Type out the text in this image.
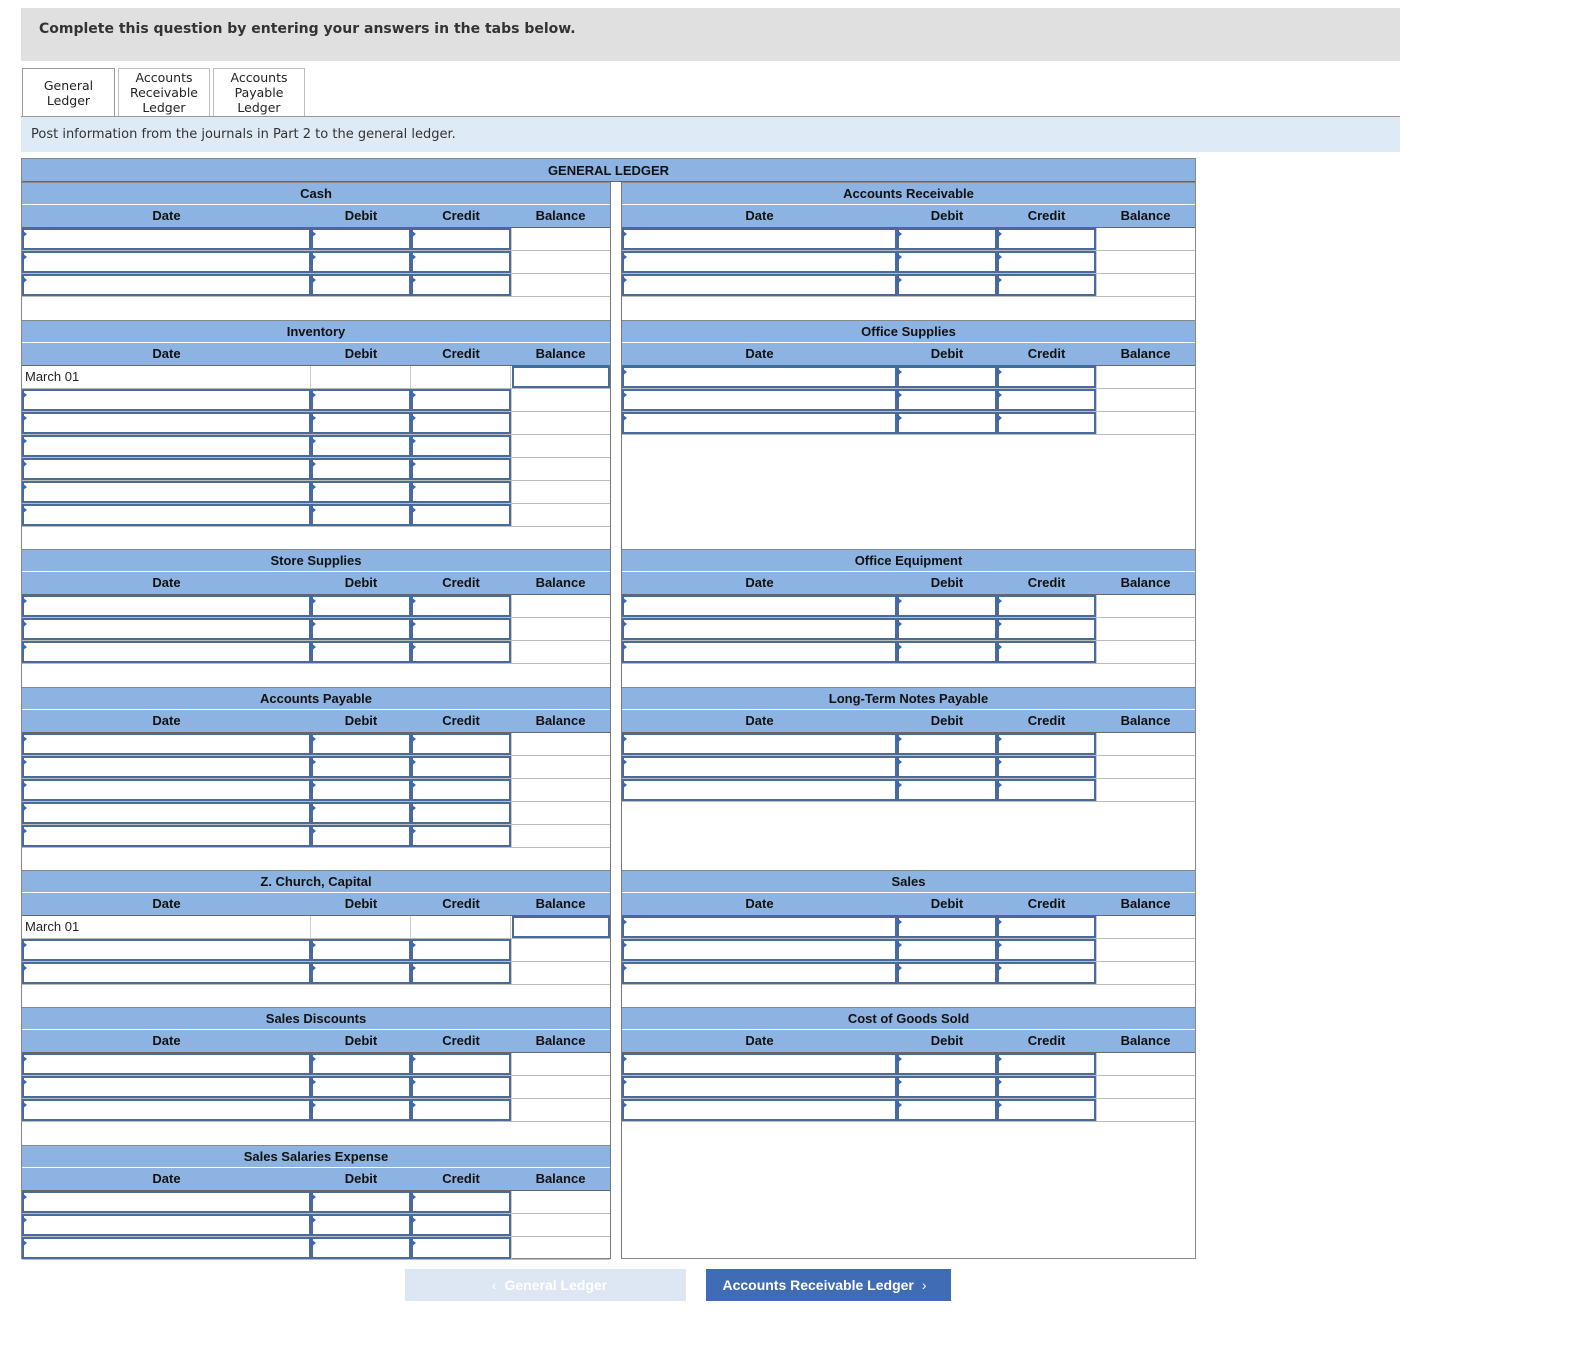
Complete this question by entering your answers in the tabs below.
General
Ledger
Accounts
Receivable
Ledger
Accounts
Payable
Ledger
Post information from the journals in Part 2 to the general ledger.
GENERAL LEDGER
Cash
Date	Debit	Credit	Balance
Accounts Receivable
Date	Debit	Credit	Balance
Inventory
Date	Debit	Credit	Balance
March 01
Office Supplies
Date	Debit	Credit	Balance
Store Supplies
Date	Debit	Credit	Balance
Office Equipment
Date	Debit	Credit	Balance
Accounts Payable
Date	Debit	Credit	Balance
Long-Term Notes Payable
Date	Debit	Credit	Balance
Z. Church, Capital
Date	Debit	Credit	Balance
March 01
Sales
Date	Debit	Credit	Balance
Sales Discounts
Date	Debit	Credit	Balance
Cost of Goods Sold
Date	Debit	Credit	Balance
Sales Salaries Expense
Date	Debit	Credit	Balance
‹ General Ledger	Accounts Receivable Ledger ›
